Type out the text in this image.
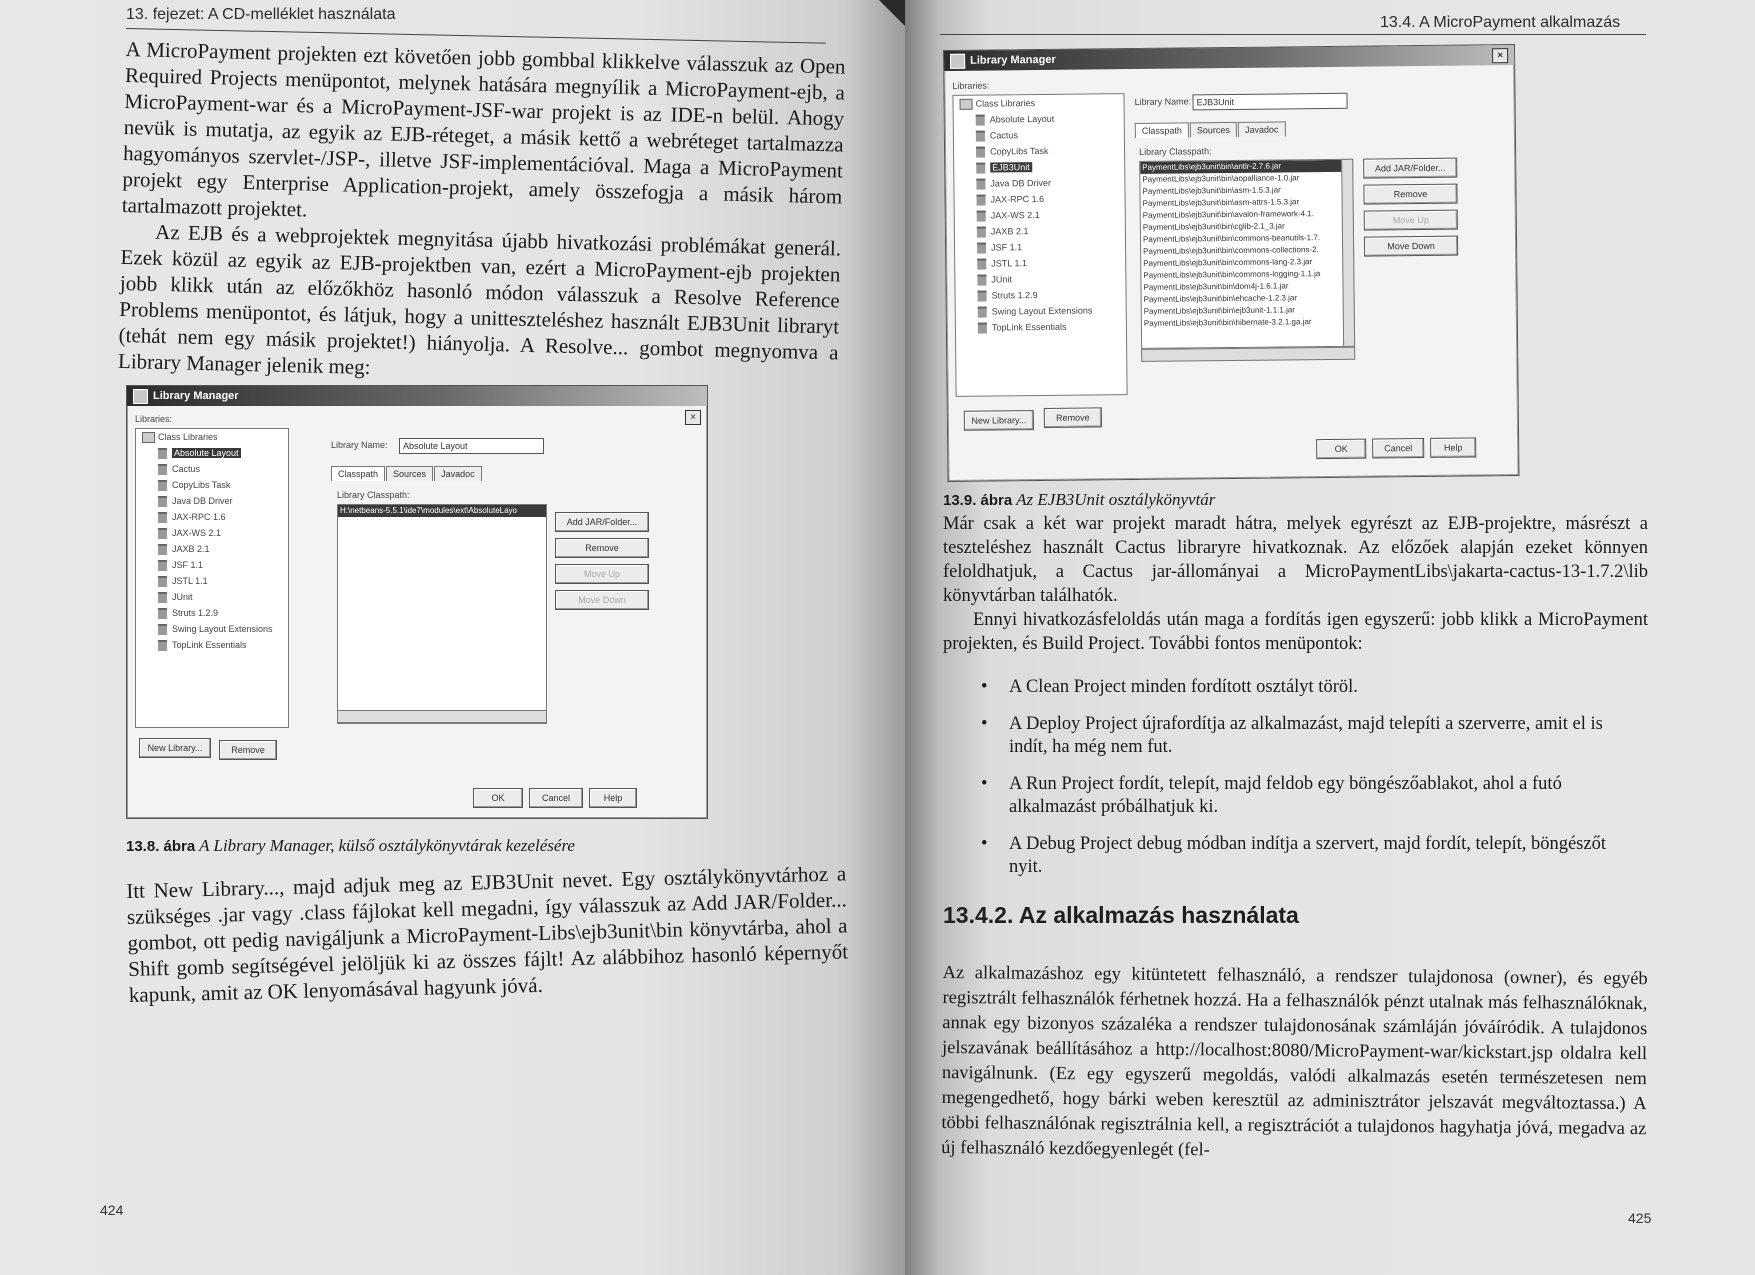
13. fejezet: A CD-melléklet használata

A MicroPayment projekten ezt követően jobb gombbal klikkelve válasszuk az Open Required Projects menüpontot, melynek hatására megnyílik a MicroPayment-ejb, a MicroPayment-war és a MicroPayment-JSF-war projekt is az IDE-n belül. Ahogy nevük is mutatja, az egyik az EJB-réteget, a másik kettő a webréteget tartalmazza hagyományos szervlet-/JSP-, illetve JSF-implementációval. Maga a MicroPayment projekt egy Enterprise Application-projekt, amely összefogja a másik három tartalmazott projektet.

Az EJB és a webprojektek megnyitása újabb hivatkozási problémákat generál. Ezek közül az egyik az EJB-projektben van, ezért a MicroPayment-ejb projekten jobb klikk után az előzőkhöz hasonló módon válasszuk a Resolve Reference Problems menüpontot, és látjuk, hogy a unitteszteléshez használt EJB3Unit libraryt (tehát nem egy másik projektet!) hiányolja. A Resolve... gombot megnyomva a Library Manager jelenik meg:

Library Manager
×
Libraries:
Class Libraries
Absolute Layout
Cactus
CopyLibs Task
Java DB Driver
JAX-RPC 1.6
JAX-WS 2.1
JAXB 2.1
JSF 1.1
JSTL 1.1
JUnit
Struts 1.2.9
Swing Layout Extensions
TopLink Essentials
Library Name:	Absolute Layout
Classpath	Sources	Javadoc
Library Classpath:
H:\netbeans-5.5.1\ide7\modules\ext\AbsoluteLayo
Add JAR/Folder...
Remove
Move Up
Move Down
New Library...	Remove
OK	Cancel	Help
13.8. ábra A Library Manager, külső osztálykönyvtárak kezelésére

Itt New Library..., majd adjuk meg az EJB3Unit nevet. Egy osztálykönyvtárhoz a szükséges .jar vagy .class fájlokat kell megadni, így válasszuk az Add JAR/Folder... gombot, ott pedig navigáljunk a MicroPayment-Libs\ejb3unit\bin könyvtárba, ahol a Shift gomb segítségével jelöljük ki az összes fájlt! Az alábbihoz hasonló képernyőt kapunk, amit az OK lenyomásával hagyunk jóvá.

424
13.4. A MicroPayment alkalmazás
Library Manager	×
Libraries:
Class Libraries
Absolute Layout
Cactus
CopyLibs Task
EJB3Unit
Java DB Driver
JAX-RPC 1.6
JAX-WS 2.1
JAXB 2.1
JSF 1.1
JSTL 1.1
JUnit
Struts 1.2.9
Swing Layout Extensions
TopLink Essentials
Library Name: EJB3Unit
Classpath	Sources	Javadoc
Library Classpath:
PaymentLibs\ejb3unit\bin\antlr-2.7.6.jar
PaymentLibs\ejb3unit\bin\aopalliance-1.0.jar
PaymentLibs\ejb3unit\bin\asm-1.5.3.jar
PaymentLibs\ejb3unit\bin\asm-attrs-1.5.3.jar
PaymentLibs\ejb3unit\bin\avalon-framework-4.1.
PaymentLibs\ejb3unit\bin\cglib-2.1_3.jar
PaymentLibs\ejb3unit\bin\commons-beanutils-1.7.
PaymentLibs\ejb3unit\bin\commons-collections-2.
PaymentLibs\ejb3unit\bin\commons-lang-2.3.jar
PaymentLibs\ejb3unit\bin\commons-logging-1.1.ja
PaymentLibs\ejb3unit\bin\dom4j-1.6.1.jar
PaymentLibs\ejb3unit\bin\ehcache-1.2.3.jar
PaymentLibs\ejb3unit\bin\ejb3unit-1.1.1.jar
PaymentLibs\ejb3unit\bin\hibernate-3.2.1.ga.jar
Add JAR/Folder...
Remove
Move Up
Move Down
New Library...	Remove
OK	Cancel	Help
13.9. ábra Az EJB3Unit osztálykönyvtár

Már csak a két war projekt maradt hátra, melyek egyrészt az EJB-projektre, másrészt a teszteléshez használt Cactus libraryre hivatkoznak. Az előzőek alapján ezeket könnyen feloldhatjuk, a Cactus jar-állományai a MicroPaymentLibs\jakarta-cactus-13-1.7.2\lib könyvtárban találhatók.

Ennyi hivatkozásfeloldás után maga a fordítás igen egyszerű: jobb klikk a MicroPayment projekten, és Build Project. További fontos menüpontok:

• A Clean Project minden fordított osztályt töröl.
• A Deploy Project újrafordítja az alkalmazást, majd telepíti a szerverre, amit el is indít, ha még nem fut.
• A Run Project fordít, telepít, majd feldob egy böngészőablakot, ahol a futó alkalmazást próbálhatjuk ki.
• A Debug Project debug módban indítja a szervert, majd fordít, telepít, böngészőt nyit.
13.4.2. Az alkalmazás használata

Az alkalmazáshoz egy kitüntetett felhasználó, a rendszer tulajdonosa (owner), és egyéb regisztrált felhasználók férhetnek hozzá. Ha a felhasználók pénzt utalnak más felhasználóknak, annak egy bizonyos százaléka a rendszer tulajdonosának számláján jóváíródik. A tulajdonos jelszavának beállításához a http://localhost:8080/MicroPayment-war/kickstart.jsp oldalra kell navigálnunk. (Ez egy egyszerű megoldás, valódi alkalmazás esetén természetesen nem megengedhető, hogy bárki weben keresztül az adminisztrátor jelszavát megváltoztassa.) A többi felhasználónak regisztrálnia kell, a regisztrációt a tulajdonos hagyhatja jóvá, megadva az új felhasználó kezdőegyenlegét (fel-

425
